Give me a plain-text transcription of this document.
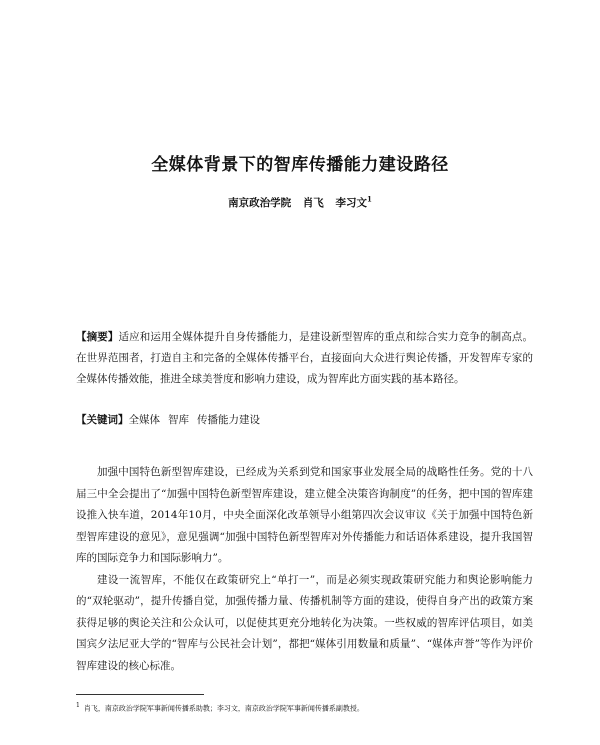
全媒体背景下的智库传播能力建设路径
南京政治学院 肖飞 李习文$^1$
【摘要】适应和运用全媒体提升自身传播能力，是建设新型智库的重点和综合实力竞争的制高点。在世界范围者，打造自主和完备的全媒体传播平台，直接面向大众进行舆论传播，开发智库专家的全媒体传播效能，推进全球美誉度和影响力建设，成为智库此方面实践的基本路径。
【关键词】全媒体 智库 传播能力建设

加强中国特色新型智库建设，已经成为关系到党和国家事业发展全局的战略性任务。党的十八届三中全会提出了“加强中国特色新型智库建设，建立健全决策咨询制度”的任务，把中国的智库建设推入快车道，2014年10月，中央全面深化改革领导小组第四次会议审议《关于加强中国特色新型智库建设的意见》，意见强调“加强中国特色新型智库对外传播能力和话语体系建设，提升我国智库的国际竞争力和国际影响力”。

建设一流智库，不能仅在政策研究上“单打一”，而是必须实现政策研究能力和舆论影响能力的“双轮驱动”，提升传播自觉，加强传播力量、传播机制等方面的建设，使得自身产出的政策方案获得足够的舆论关注和公众认可，以促使其更充分地转化为决策。一些权威的智库评估项目，如美国宾夕法尼亚大学的“智库与公民社会计划”，都把“媒体引用数量和质量”、“媒体声誉”等作为评价智库建设的核心标准。

$^1$ 肖飞，南京政治学院军事新闻传播系助教；李习文，南京政治学院军事新闻传播系副教授。
